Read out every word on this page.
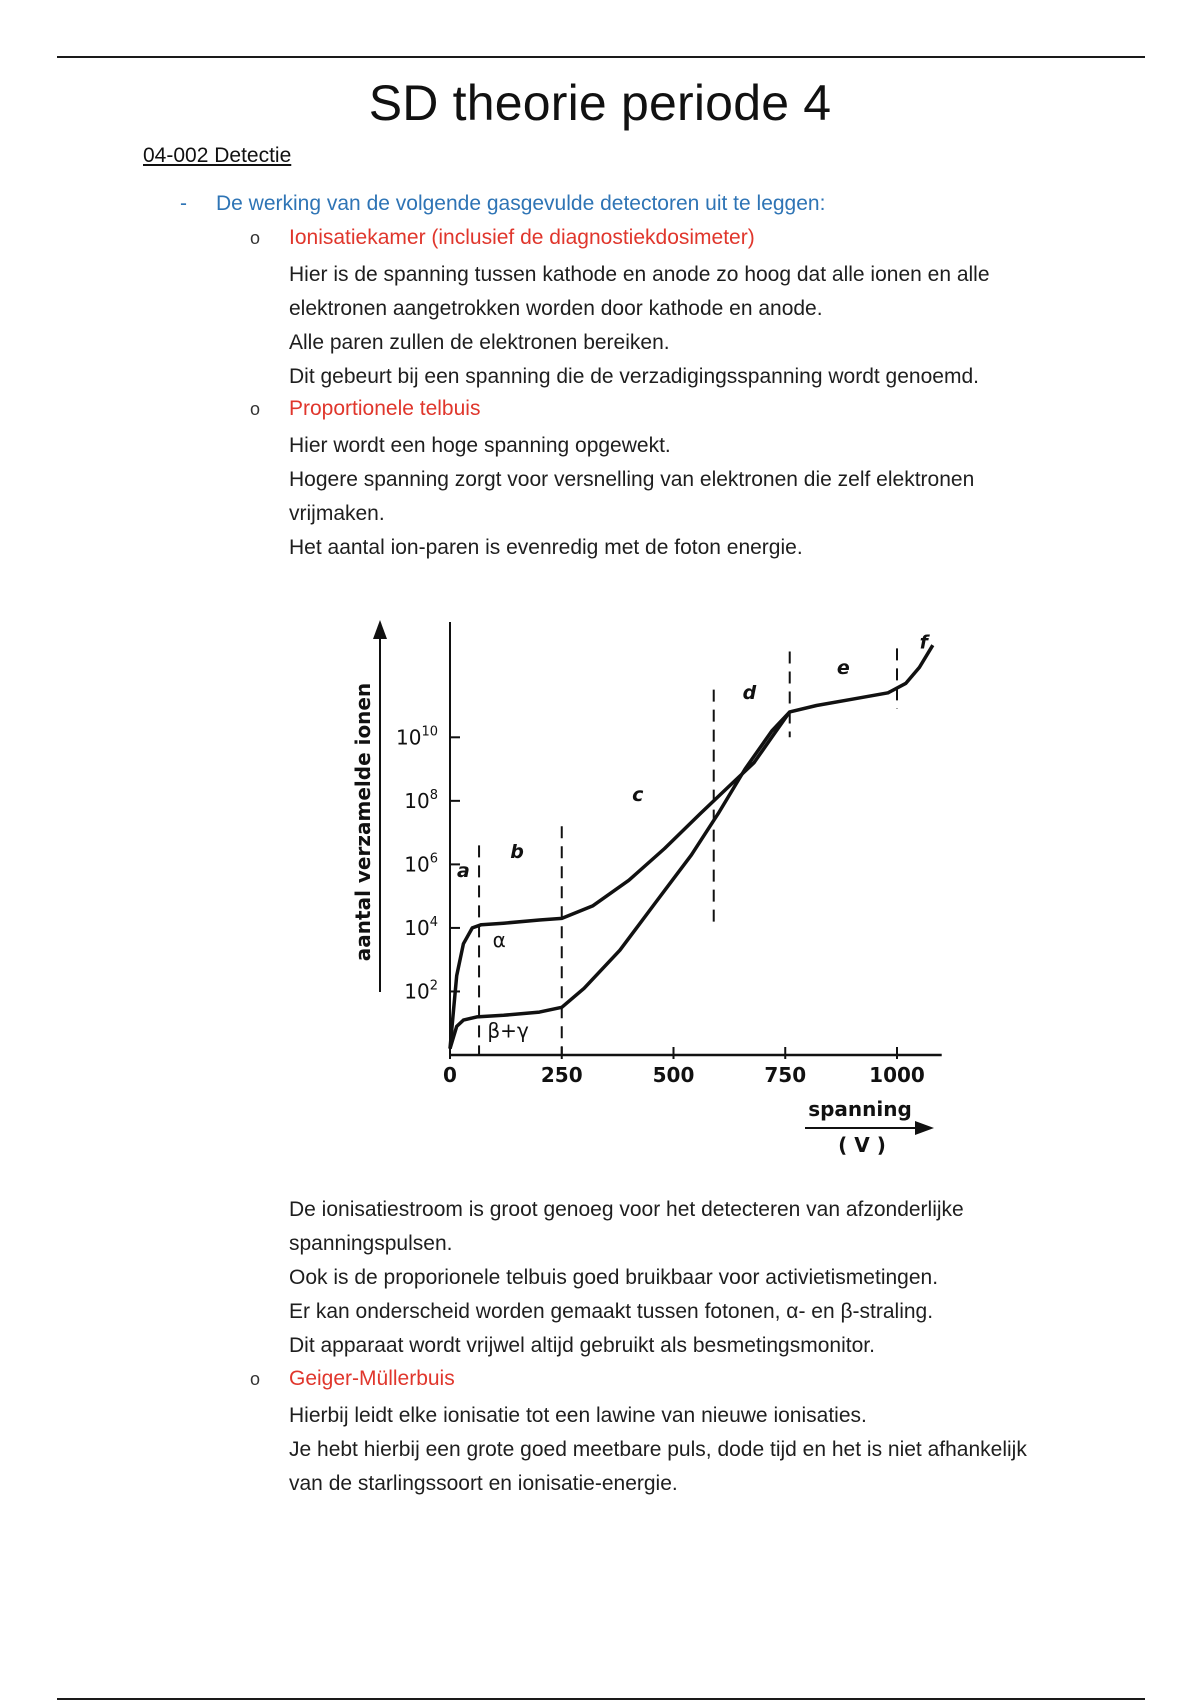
SD theorie periode 4
04-002 Detectie
- De werking van de volgende gasgevulde detectoren uit te leggen:
o Ionisatiekamer (inclusief de diagnostiekdosimeter)

Hier is de spanning tussen kathode en anode zo hoog dat alle ionen en alle elektronen aangetrokken worden door kathode en anode.

Alle paren zullen de elektronen bereiken.

Dit gebeurt bij een spanning die de verzadigingsspanning wordt genoemd.

o Proportionele telbuis

Hier wordt een hoge spanning opgewekt.

Hogere spanning zorgt voor versnelling van elektronen die zelf elektronen vrijmaken.

Het aantal ion-paren is evenredig met de foton energie.

aantal verzamelde ionen
spanning
( V )
0	250	500	750	1000
$10^2$
$10^4$
$10^6$
$10^8$
$10^{10}$
a
b
c
d
e
f
α
β+γ

De ionisatiestroom is groot genoeg voor het detecteren van afzonderlijke spanningspulsen.

Ook is de proporionele telbuis goed bruikbaar voor activietismetingen.

Er kan onderscheid worden gemaakt tussen fotonen, α- en β-straling.

Dit apparaat wordt vrijwel altijd gebruikt als besmetingsmonitor.

o Geiger-Müllerbuis

Hierbij leidt elke ionisatie tot een lawine van nieuwe ionisaties.

Je hebt hierbij een grote goed meetbare puls, dode tijd en het is niet afhankelijk van de starlingssoort en ionisatie-energie.
